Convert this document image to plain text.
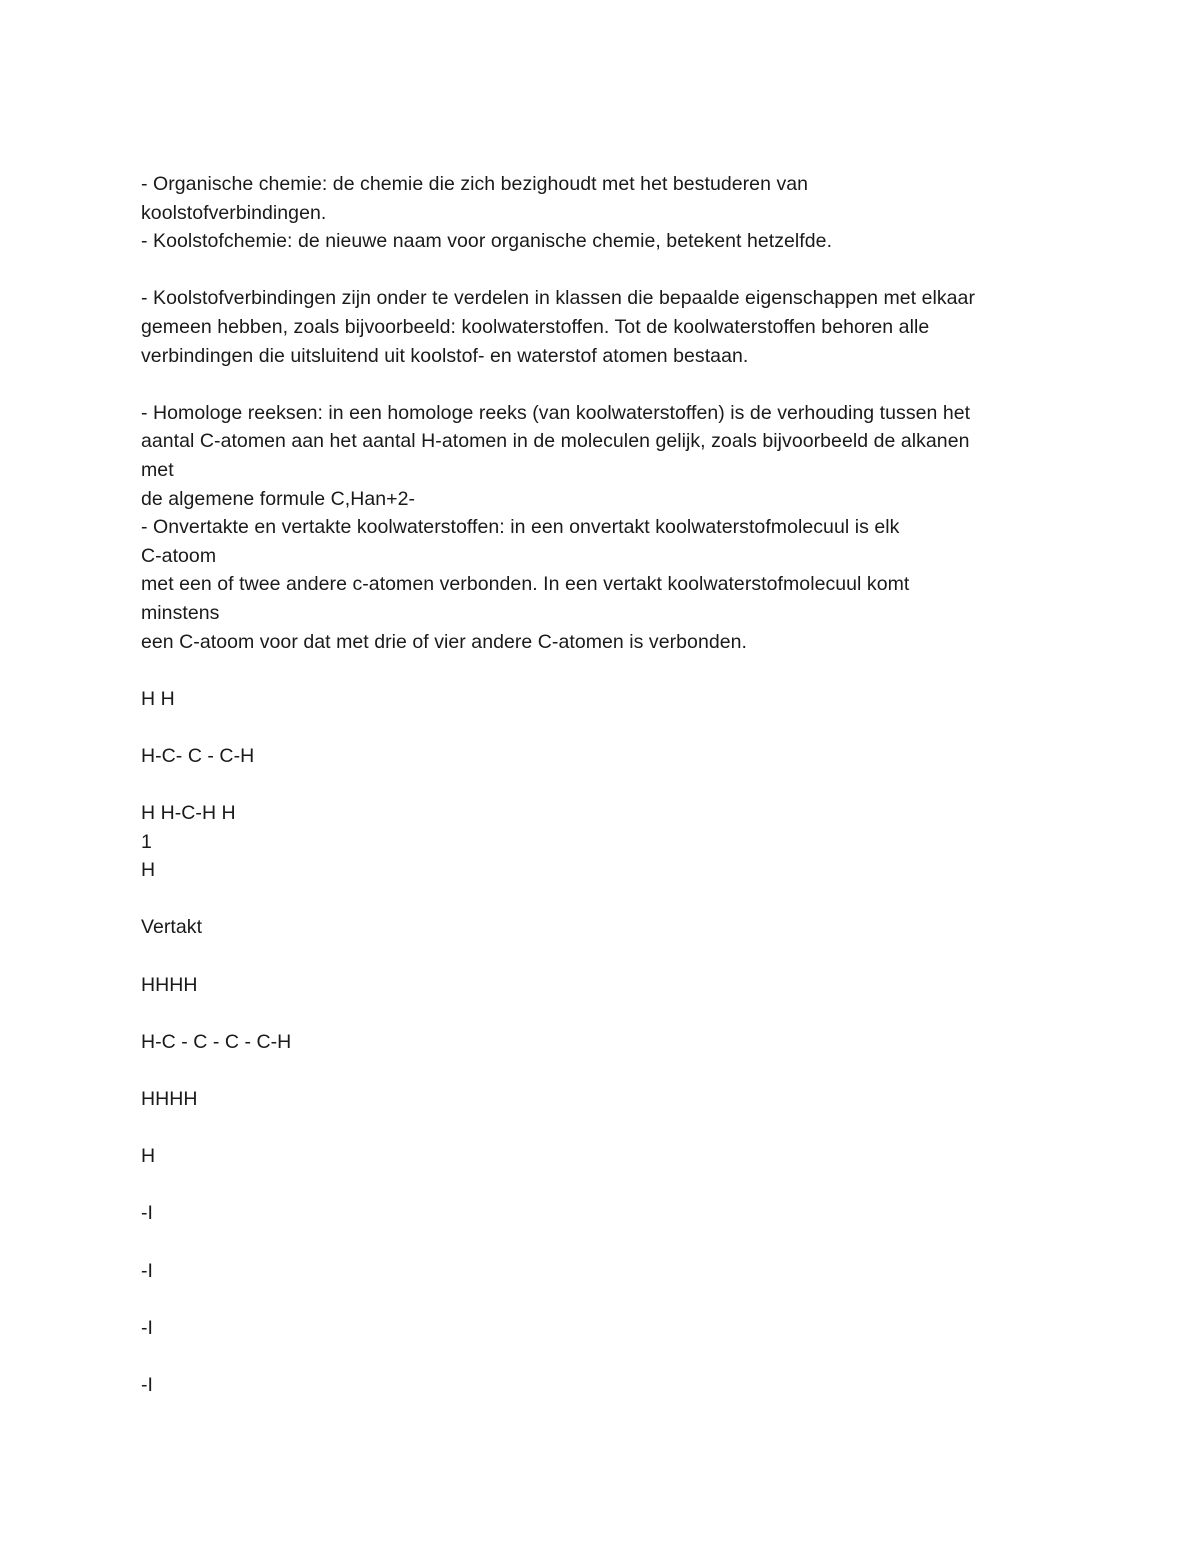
- Organische chemie: de chemie die zich bezighoudt met het bestuderen van
koolstofverbindingen.
- Koolstofchemie: de nieuwe naam voor organische chemie, betekent hetzelfde.
- Koolstofverbindingen zijn onder te verdelen in klassen die bepaalde eigenschappen met elkaar
gemeen hebben, zoals bijvoorbeeld: koolwaterstoffen. Tot de koolwaterstoffen behoren alle
verbindingen die uitsluitend uit koolstof- en waterstof atomen bestaan.
- Homologe reeksen: in een homologe reeks (van koolwaterstoffen) is de verhouding tussen het
aantal C-atomen aan het aantal H-atomen in de moleculen gelijk, zoals bijvoorbeeld de alkanen
met
de algemene formule C,Han+2-
- Onvertakte en vertakte koolwaterstoffen: in een onvertakt koolwaterstofmolecuul is elk
C-atoom
met een of twee andere c-atomen verbonden. In een vertakt koolwaterstofmolecuul komt
minstens
een C-atoom voor dat met drie of vier andere C-atomen is verbonden.
H H
H-C- C - C-H
H H-C-H H
1
H
Vertakt
HHHH
H-C - C - C - C-H
HHHH
H
-I
-I
-I
-I
